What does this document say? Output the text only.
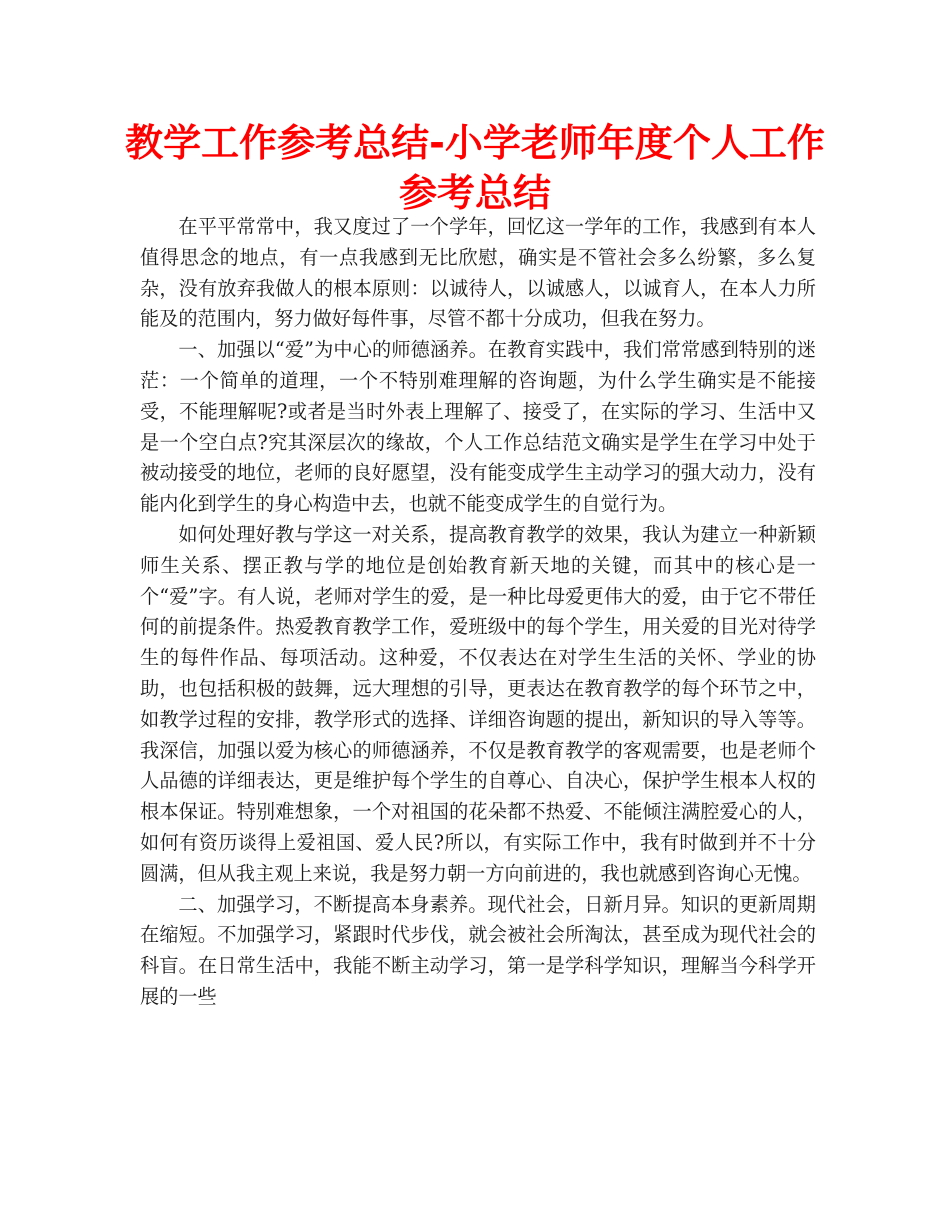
教学工作参考总结-小学老师年度个人工作参考总结

在平平常常中，我又度过了一个学年，回忆这一学年的工作，我感到有本人值得思念的地点，有一点我感到无比欣慰，确实是不管社会多么纷繁，多么复杂，没有放弃我做人的根本原则：以诚待人，以诚感人，以诚育人，在本人力所能及的范围内，努力做好每件事，尽管不都十分成功，但我在努力。

一、加强以“爱”为中心的师德涵养。在教育实践中，我们常常感到特别的迷茫：一个简单的道理，一个不特别难理解的咨询题，为什么学生确实是不能接受，不能理解呢?或者是当时外表上理解了、接受了，在实际的学习、生活中又是一个空白点?究其深层次的缘故，个人工作总结范文确实是学生在学习中处于被动接受的地位，老师的良好愿望，没有能变成学生主动学习的强大动力，没有能内化到学生的身心构造中去，也就不能变成学生的自觉行为。

如何处理好教与学这一对关系，提高教育教学的效果，我认为建立一种新颖师生关系、摆正教与学的地位是创始教育新天地的关键，而其中的核心是一个“爱”字。有人说，老师对学生的爱，是一种比母爱更伟大的爱，由于它不带任何的前提条件。热爱教育教学工作，爱班级中的每个学生，用关爱的目光对待学生的每件作品、每项活动。这种爱，不仅表达在对学生生活的关怀、学业的协助，也包括积极的鼓舞，远大理想的引导，更表达在教育教学的每个环节之中，如教学过程的安排，教学形式的选择、详细咨询题的提出，新知识的导入等等。我深信，加强以爱为核心的师德涵养，不仅是教育教学的客观需要，也是老师个人品德的详细表达，更是维护每个学生的自尊心、自决心，保护学生根本人权的根本保证。特别难想象，一个对祖国的花朵都不热爱、不能倾注满腔爱心的人，如何有资历谈得上爱祖国、爱人民?所以，有实际工作中，我有时做到并不十分圆满，但从我主观上来说，我是努力朝一方向前进的，我也就感到咨询心无愧。

二、加强学习，不断提高本身素养。现代社会，日新月异。知识的更新周期在缩短。不加强学习，紧跟时代步伐，就会被社会所淘汰，甚至成为现代社会的科盲。在日常生活中，我能不断主动学习，第一是学科学知识，理解当今科学开展的一些
